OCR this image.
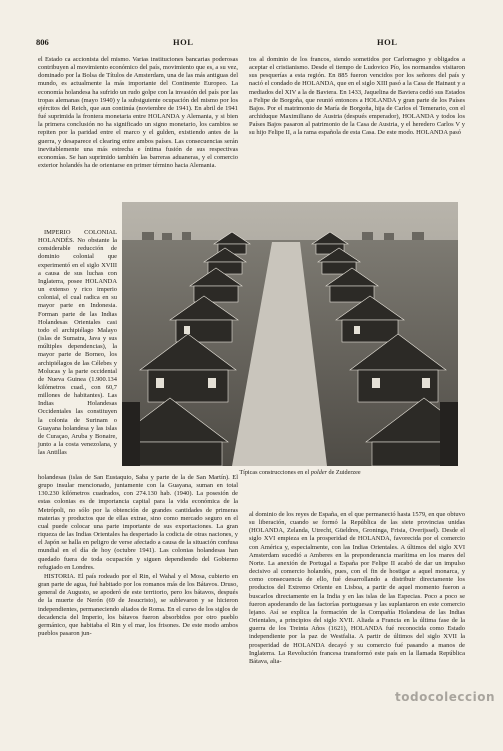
806	HOL	HOL

el Estado ca accionista del mismo. Varias instituciones bancarias poderosas contribuyen al movimiento económico del país, movimiento que es, a su vez, dominado por la Bolsa de Títulos de Amsterdam, una de las más antiguas del mundo, es actualmente la más importante del Continente Europeo. La economía holandesa ha sufrido un rudo golpe con la invasión del país por las tropas alemanas (mayo 1940) y la subsiguiente ocupación del mismo por los ejércitos del Reich, que aun continúa (noviembre de 1941). En abril de 1941 fué suprimida la frontera monetaria entre HOLANDA y Alemania, y si bien la primera conclusión no ha significado un signo monetario, los cambios se repiten por la paridad entre el marco y el gulden, existiendo antes de la guerra, y desaparece el clearing entre ambos países. Las consecuencias serán inevitablemente una más estrecha e íntima fusión de sus respectivas economías. Se han suprimido también las barreras aduaneras, y el comercio exterior holandés ha de orientarse en primer término hacia Alemania.

IMPERIO COLONIAL HOLANDÉS. No obstante la considerable reducción de dominio colonial que experimentó en el siglo XVIII a causa de sus luchas con Inglaterra, posee HOLANDA un extenso y rico imperio colonial, el cual radica en su mayor parte en Indonesia. Forman parte de las Indias Holandesas Orientales casi todo el archipiélago Malayo (islas de Sumatra, Java y sus múltiples dependencias), la mayor parte de Borneo, los archipiélagos de las Célebes y Molucas y la parte occidental de Nueva Guinea (1.900.134 kilómetros cuad., con 60,7 millones de habitantes). Las Indias Holandesas Occidentales las constituyen la colonia de Surinam o Guayana holandesa y las islas de Curaçao, Aruba y Bonaire, junto a la costa venezolana, y las Antillas

Típicas construcciones en el polder de Zuiderzee

holandesas (islas de San Eustaquio, Saba y parte de la de San Martín). El grupo insular mencionado, juntamente con la Guayana, suman en total 130.230 kilómetros cuadrados, con 274.130 hab. (1940). La posesión de estas colonias es de importancia capital para la vida económica de la Metrópoli, no sólo por la obtención de grandes cantidades de primeras materias y productos que de ellas extrae, sino como mercado seguro en el cual puede colocar una parte importante de sus exportaciones. La gran riqueza de las Indias Orientales ha despertado la codicia de otras naciones, y el Japón se halla en peligro de verse afectado a causa de la situación confusa mundial en el día de hoy (octubre 1941). Las colonias holandesas han quedado fuera de toda ocupación y siguen dependiendo del Gobierno refugiado en Londres.

HISTORIA. El país rodeado por el Rin, el Wahal y el Mosa, cubierto en gran parte de agua, fué habitado por los romanos más de los Bátavos. Druso, general de Augusto, se apoderó de este territorio, pero los bátavos, después de la muerte de Nerón (69 de Jesucristo), se sublevaron y se hicieron independientes, permaneciendo aliados de Roma. En el curso de los siglos de decadencia del Imperio, los bátavos fueron absorbidos por otro pueblo germánico, que habitaba el Rin y el mar, los frisones. De este modo ambos pueblos pasaron jun-

tos al dominio de los francos, siendo sometidos por Carlomagno y obligados a aceptar el cristianismo. Desde el tiempo de Ludovico Pío, los normandos visitaron sus pesquerías a esta región. En 885 fueron vencidos por los señores del país y nació el condado de HOLANDA, que en el siglo XIII pasó a la Casa de Hainaut y a mediados del XIV a la de Baviera. En 1433, Jaquelina de Baviera cedió sus Estados a Felipe de Borgoña, que reunió entonces a HOLANDA y gran parte de los Países Bajos. Por el matrimonio de María de Borgoña, hija de Carlos el Temerario, con el archiduque Maximiliano de Austria (después emperador), HOLANDA y todos los Países Bajos pasaron al patrimonio de la Casa de Austria, y el heredero Carlos V y su hijo Felipe II, a la rama española de esta Casa. De este modo. HOLANDA pasó

al dominio de los reyes de España, en el que permaneció hasta 1579, en que obtuvo su liberación, cuando se formó la República de las siete provincias unidas (HOLANDA, Zelanda, Utrecht, Güeldres, Groninga, Frisia, Overijssel). Desde el siglo XVI empieza en la prosperidad de HOLANDA, favorecida por el comercio con América y, especialmente, con las Indias Orientales. A últimos del siglo XVI Amsterdam sucedió a Amberes en la preponderancia marítima en los mares del Norte. La anexión de Portugal a España por Felipe II acabó de dar un impulso decisivo al comercio holandés, pues, con el fin de hostigar a aquel monarca, y como consecuencia de ello, fué desarrollando a distribuir directamente los productos del Extremo Oriente en Lisboa, a partir de aquel momento fueron a buscarlos directamente en la India y en las islas de las Especias. Poco a poco se fueron apoderando de las factorías portuguesas y las suplantaron en este comercio lejano. Así se explica la formación de la Compañía Holandesa de las Indias Orientales, a principios del siglo XVII. Aliada a Francia en la última fase de la guerra de los Treinta Años (1621), HOLANDA fué reconocida como Estado independiente por la paz de Westfalia. A partir de últimos del siglo XVII la prosperidad de HOLANDA decayó y su comercio fué pasando a manos de Inglaterra. La Revolución francesa transformó este país en la llamada República Bátava, alia-

todocoleccion
